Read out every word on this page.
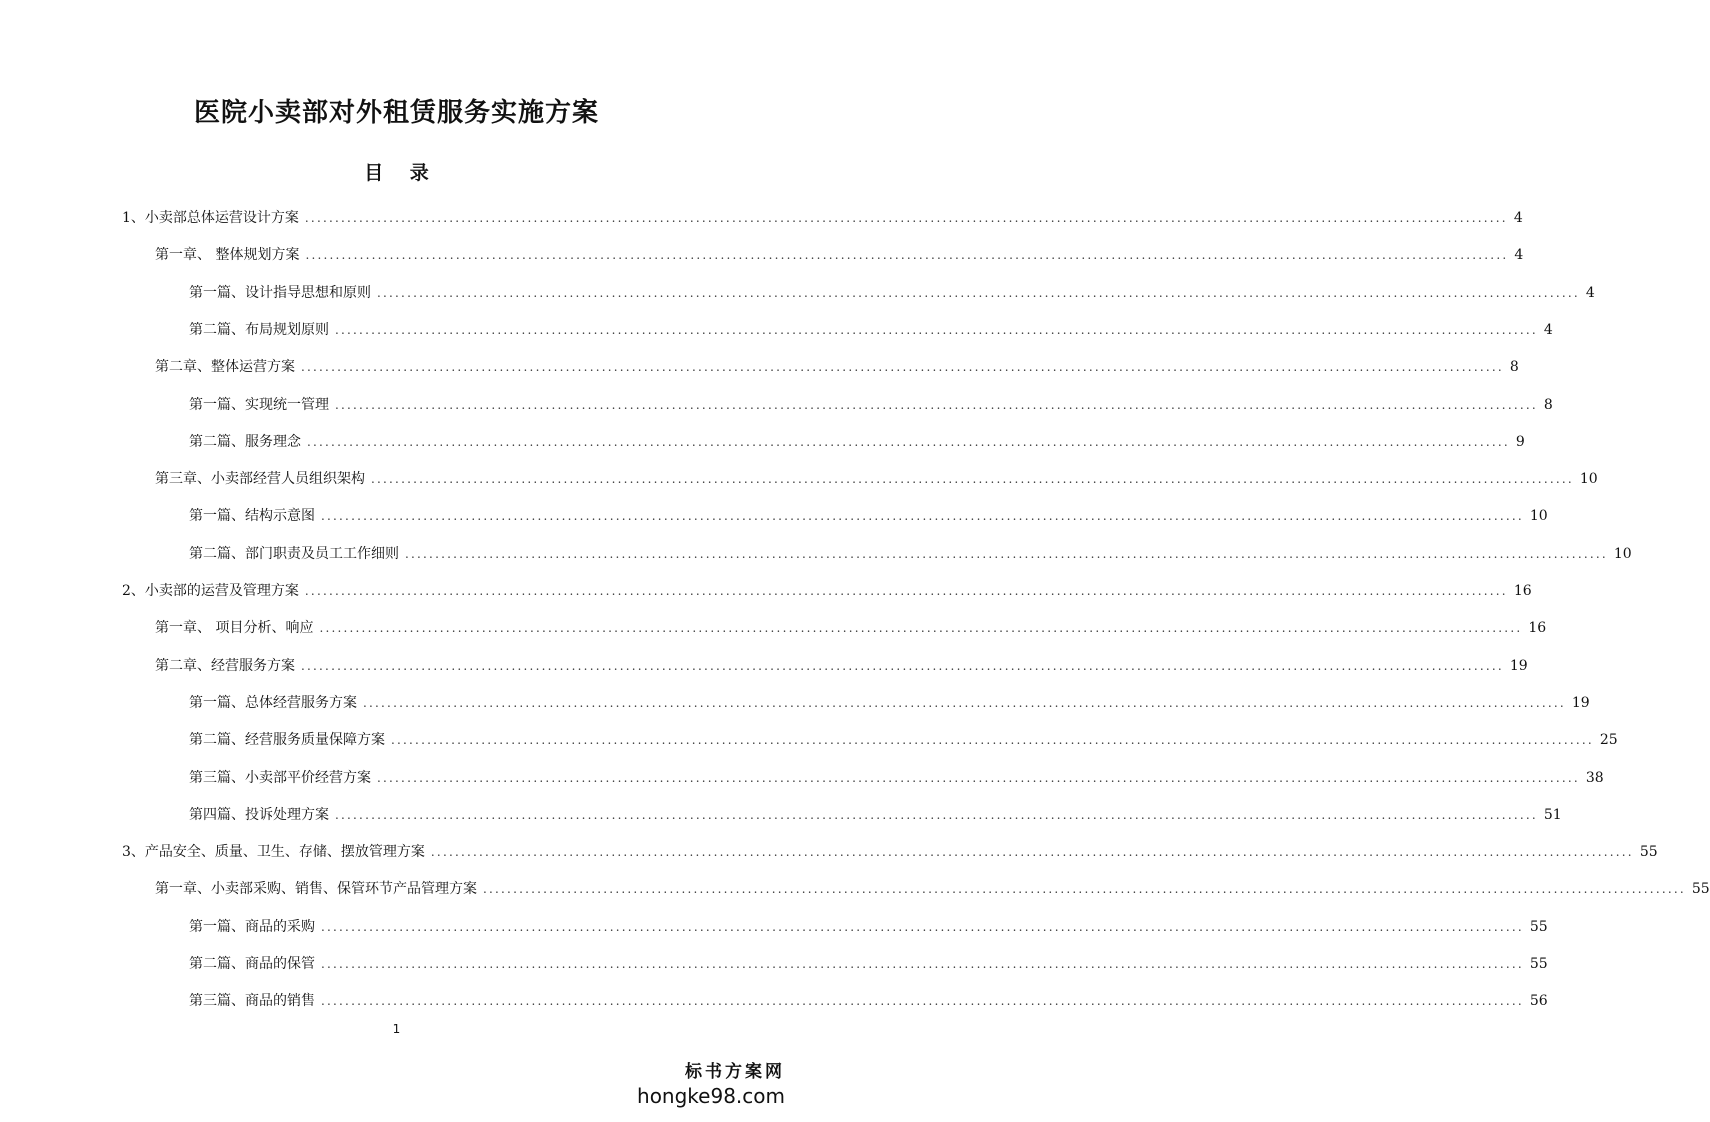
医院小卖部对外租赁服务实施方案
目 录
1、 小卖部总体运营设计方案 ........................................................................................................................................................................................................ 4
第一章、 整体规划方案 ........................................................................................................................................................................................................ 4
第一篇、设计指导思想和原则 ........................................................................................................................................................................................................ 4
第二篇、布局规划原则 ........................................................................................................................................................................................................ 4
第二章、整体运营方案 ........................................................................................................................................................................................................ 8
第一篇、实现统一管理 ........................................................................................................................................................................................................ 8
第二篇、服务理念 ........................................................................................................................................................................................................ 9
第三章、小卖部经营人员组织架构 ........................................................................................................................................................................................................ 10
第一篇、结构示意图 ........................................................................................................................................................................................................ 10
第二篇、部门职责及员工工作细则 ........................................................................................................................................................................................................ 10
2、 小卖部的运营及管理方案 ........................................................................................................................................................................................................ 16
第一章、 项目分析、响应 ........................................................................................................................................................................................................ 16
第二章、经营服务方案 ........................................................................................................................................................................................................ 19
第一篇、总体经营服务方案 ........................................................................................................................................................................................................ 19
第二篇、经营服务质量保障方案 ........................................................................................................................................................................................................ 25
第三篇、小卖部平价经营方案 ........................................................................................................................................................................................................ 38
第四篇、投诉处理方案 ........................................................................................................................................................................................................ 51
3、 产品安全、质量、卫生、存储、摆放管理方案 ........................................................................................................................................................................................................ 55
第一章、小卖部采购、销售、保管环节产品管理方案 ........................................................................................................................................................................................................ 55
第一篇、商品的采购 ........................................................................................................................................................................................................ 55
第二篇、商品的保管 ........................................................................................................................................................................................................ 55
第三篇、商品的销售 ........................................................................................................................................................................................................ 56
1
标书方案网
hongke98.com
